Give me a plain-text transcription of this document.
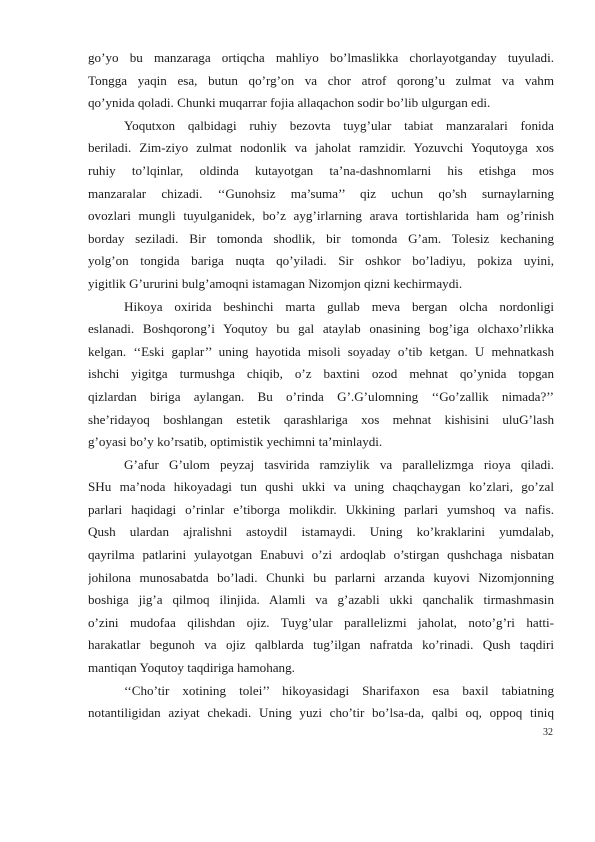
go’yo bu manzaraga ortiqcha mahliyo bo’lmaslikka chorlayotganday tuyuladi.
Tongga yaqin esa, butun qo’rg’on va chor atrof qorong’u zulmat va vahm
qo’ynida qoladi. Chunki muqarrar fojia allaqachon sodir bo’lib ulgurgan edi.
Yoqutxon qalbidagi ruhiy bezovta tuyg’ular tabiat manzaralari fonida
beriladi. Zim-ziyo zulmat nodonlik va jaholat ramzidir. Yozuvchi Yoqutoyga xos
ruhiy to’lqinlar, oldinda kutayotgan ta’na-dashnomlarni his etishga mos
manzaralar chizadi. ‘‘Gunohsiz ma’suma’’ qiz uchun qo’sh surnaylarning
ovozlari mungli tuyulganidek, bo’z ayg’irlarning arava tortishlarida ham og’rinish
borday seziladi. Bir tomonda shodlik, bir tomonda G’am. Tolesiz kechaning
yolg’on tongida bariga nuqta qo’yiladi. Sir oshkor bo’ladiyu, pokiza uyini,
yigitlik G’ururini bulg’amoqni istamagan Nizomjon qizni kechirmaydi.
Hikoya oxirida beshinchi marta gullab meva bergan olcha nordonligi
eslanadi. Boshqorong’i Yoqutoy bu gal ataylab onasining bog’iga olchaxo’rlikka
kelgan. ‘‘Eski gaplar’’ uning hayotida misoli soyaday o’tib ketgan. U mehnatkash
ishchi yigitga turmushga chiqib, o’z baxtini ozod mehnat qo’ynida topgan
qizlardan biriga aylangan. Bu o’rinda G’.G’ulomning ‘‘Go’zallik nimada?’’
she’ridayoq boshlangan estetik qarashlariga xos mehnat kishisini uluG’lash
g’oyasi bo’y ko’rsatib, optimistik yechimni ta’minlaydi.
G’afur G’ulom peyzaj tasvirida ramziylik va parallelizmga rioya qiladi.
SHu ma’noda hikoyadagi tun qushi ukki va uning chaqchaygan ko’zlari, go’zal
parlari haqidagi o’rinlar e’tiborga molikdir. Ukkining parlari yumshoq va nafis.
Qush ulardan ajralishni astoydil istamaydi. Uning ko’kraklarini yumdalab,
qayrilma patlarini yulayotgan Enabuvi o’zi ardoqlab o’stirgan qushchaga nisbatan
johilona munosabatda bo’ladi. Chunki bu parlarni arzanda kuyovi Nizomjonning
boshiga jig’a qilmoq ilinjida. Alamli va g’azabli ukki qanchalik tirmashmasin
o’zini mudofaa qilishdan ojiz. Tuyg’ular parallelizmi jaholat, noto’g’ri hatti-
harakatlar begunoh va ojiz qalblarda tug’ilgan nafratda ko’rinadi. Qush taqdiri
mantiqan Yoqutoy taqdiriga hamohang.
‘‘Cho’tir xotining tolei’’ hikoyasidagi Sharifaxon esa baxil tabiatning
notantiligidan aziyat chekadi. Uning yuzi cho’tir bo’lsa-da, qalbi oq, oppoq tiniq
32
